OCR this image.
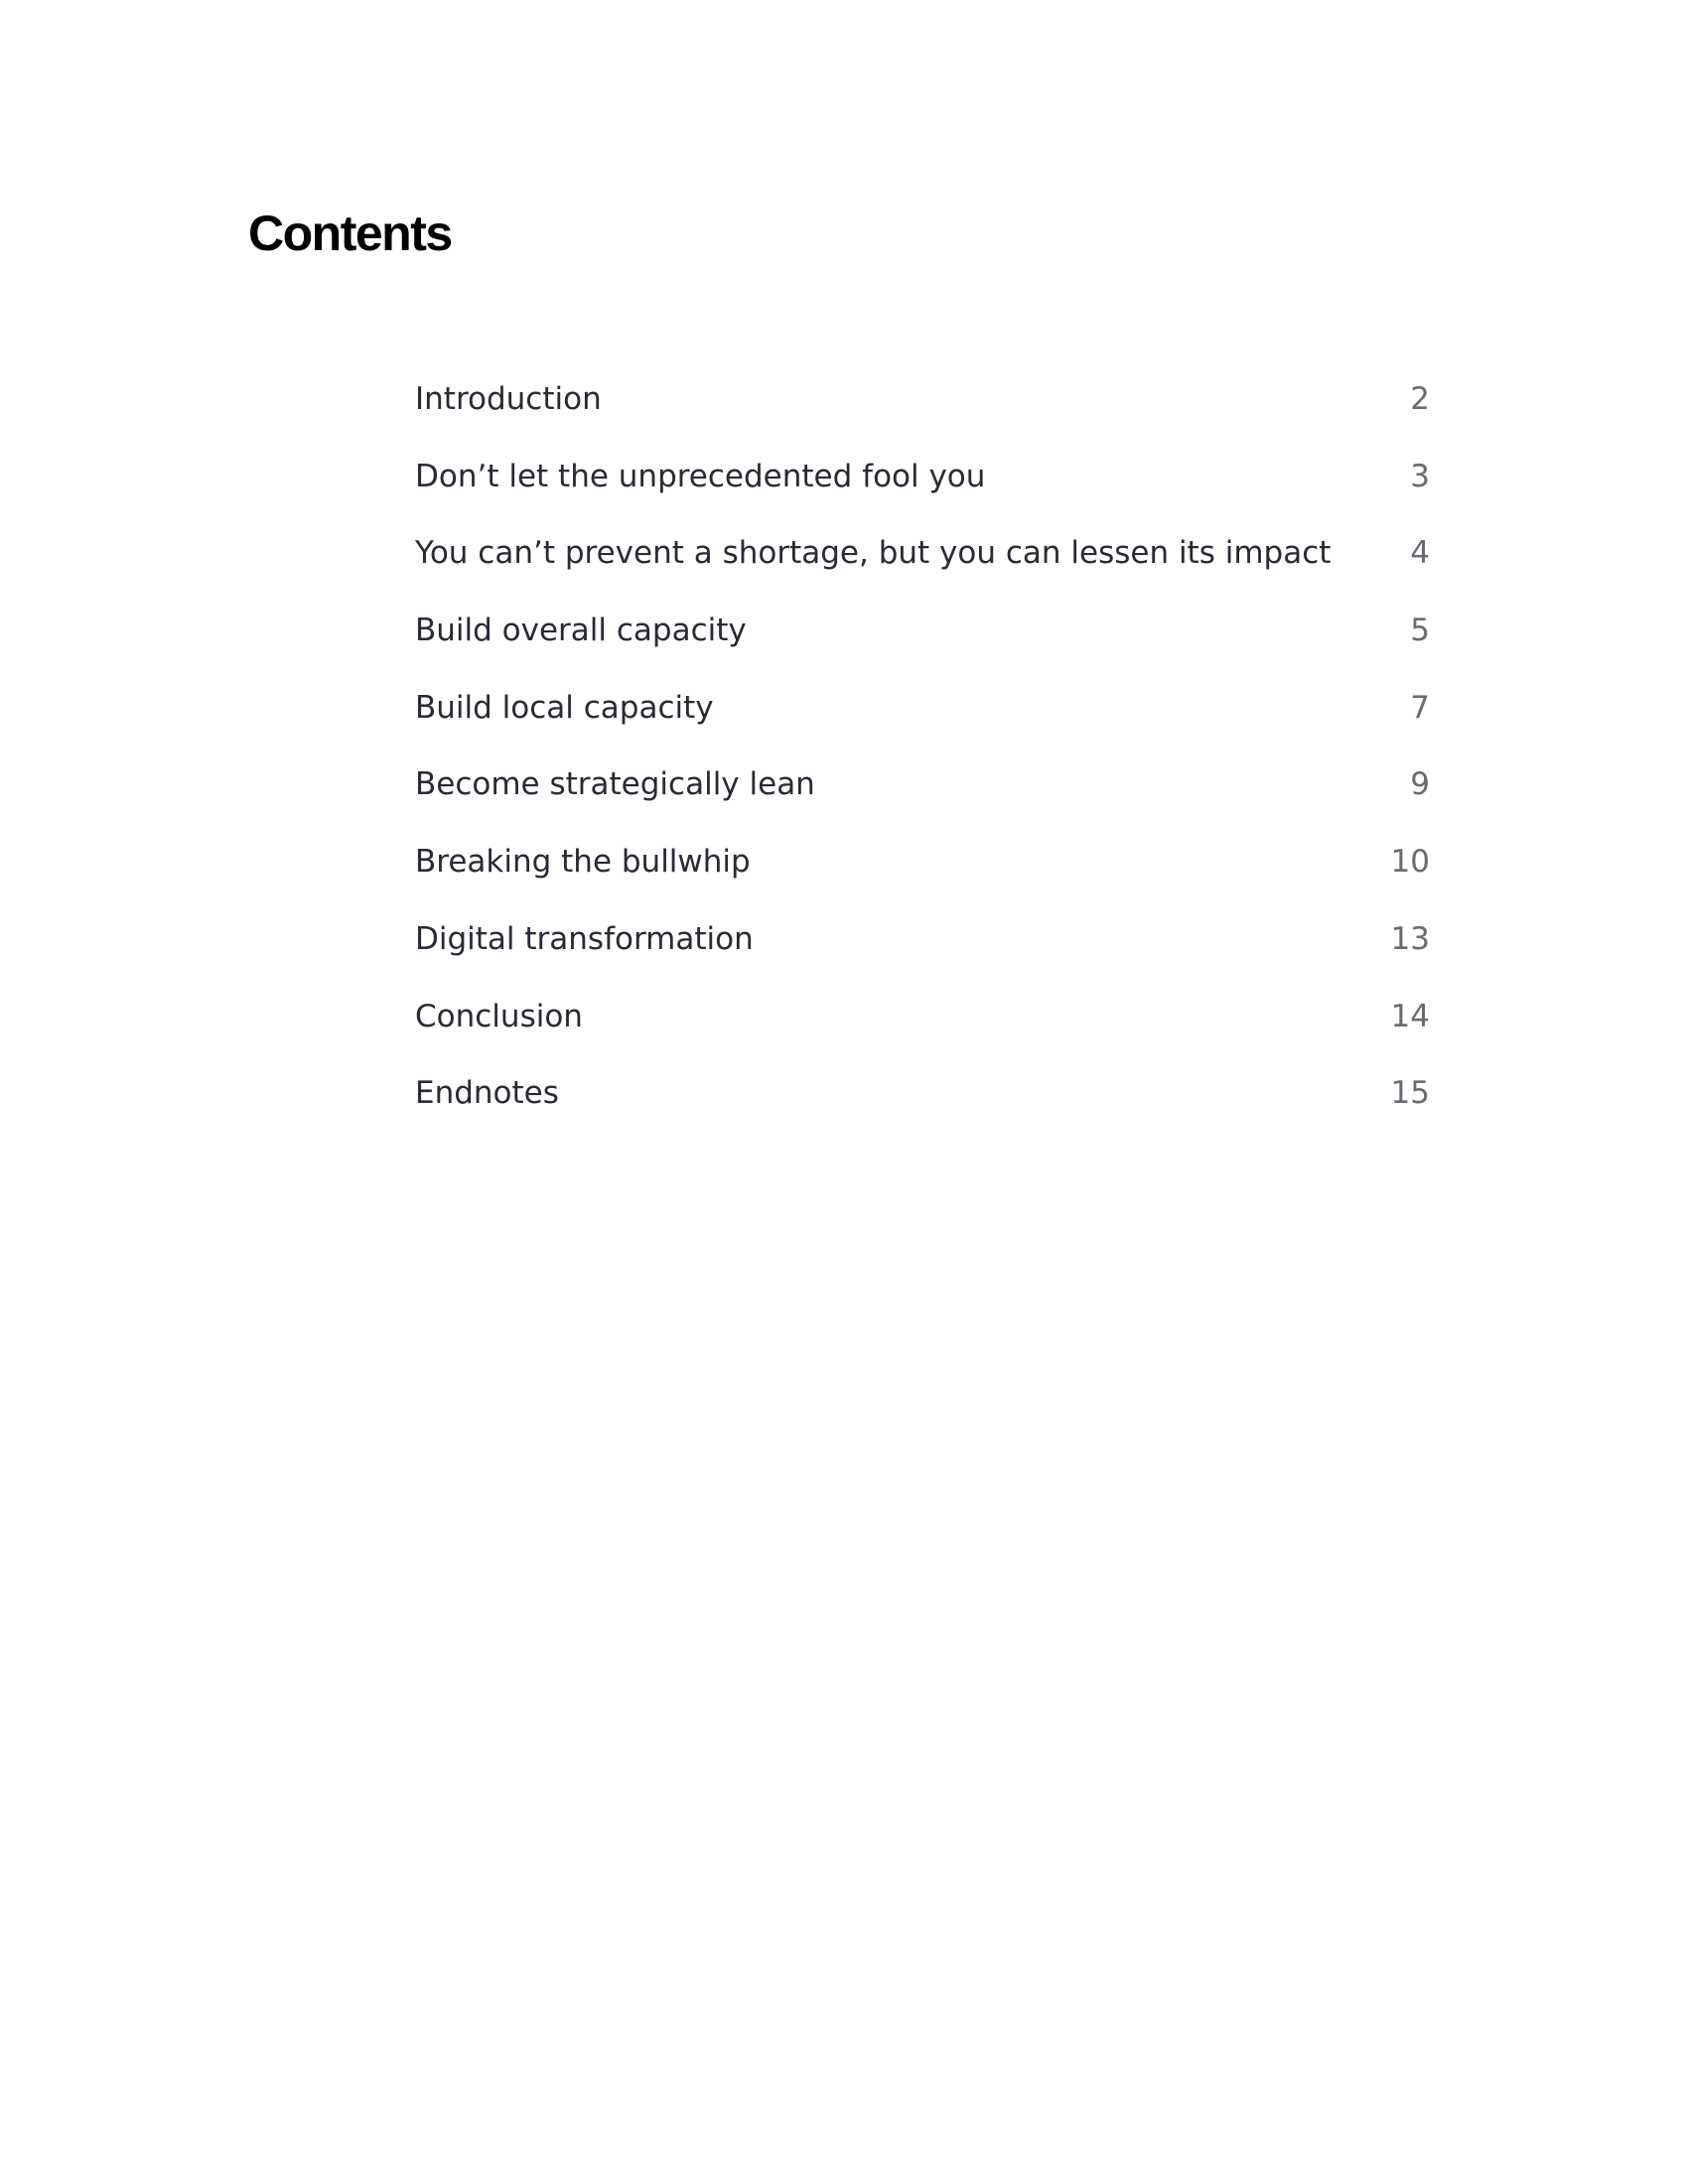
Contents
Introduction	2
Don’t let the unprecedented fool you	3
You can’t prevent a shortage, but you can lessen its impact	4
Build overall capacity	5
Build local capacity	7
Become strategically lean	9
Breaking the bullwhip	10
Digital transformation	13
Conclusion	14
Endnotes	15
